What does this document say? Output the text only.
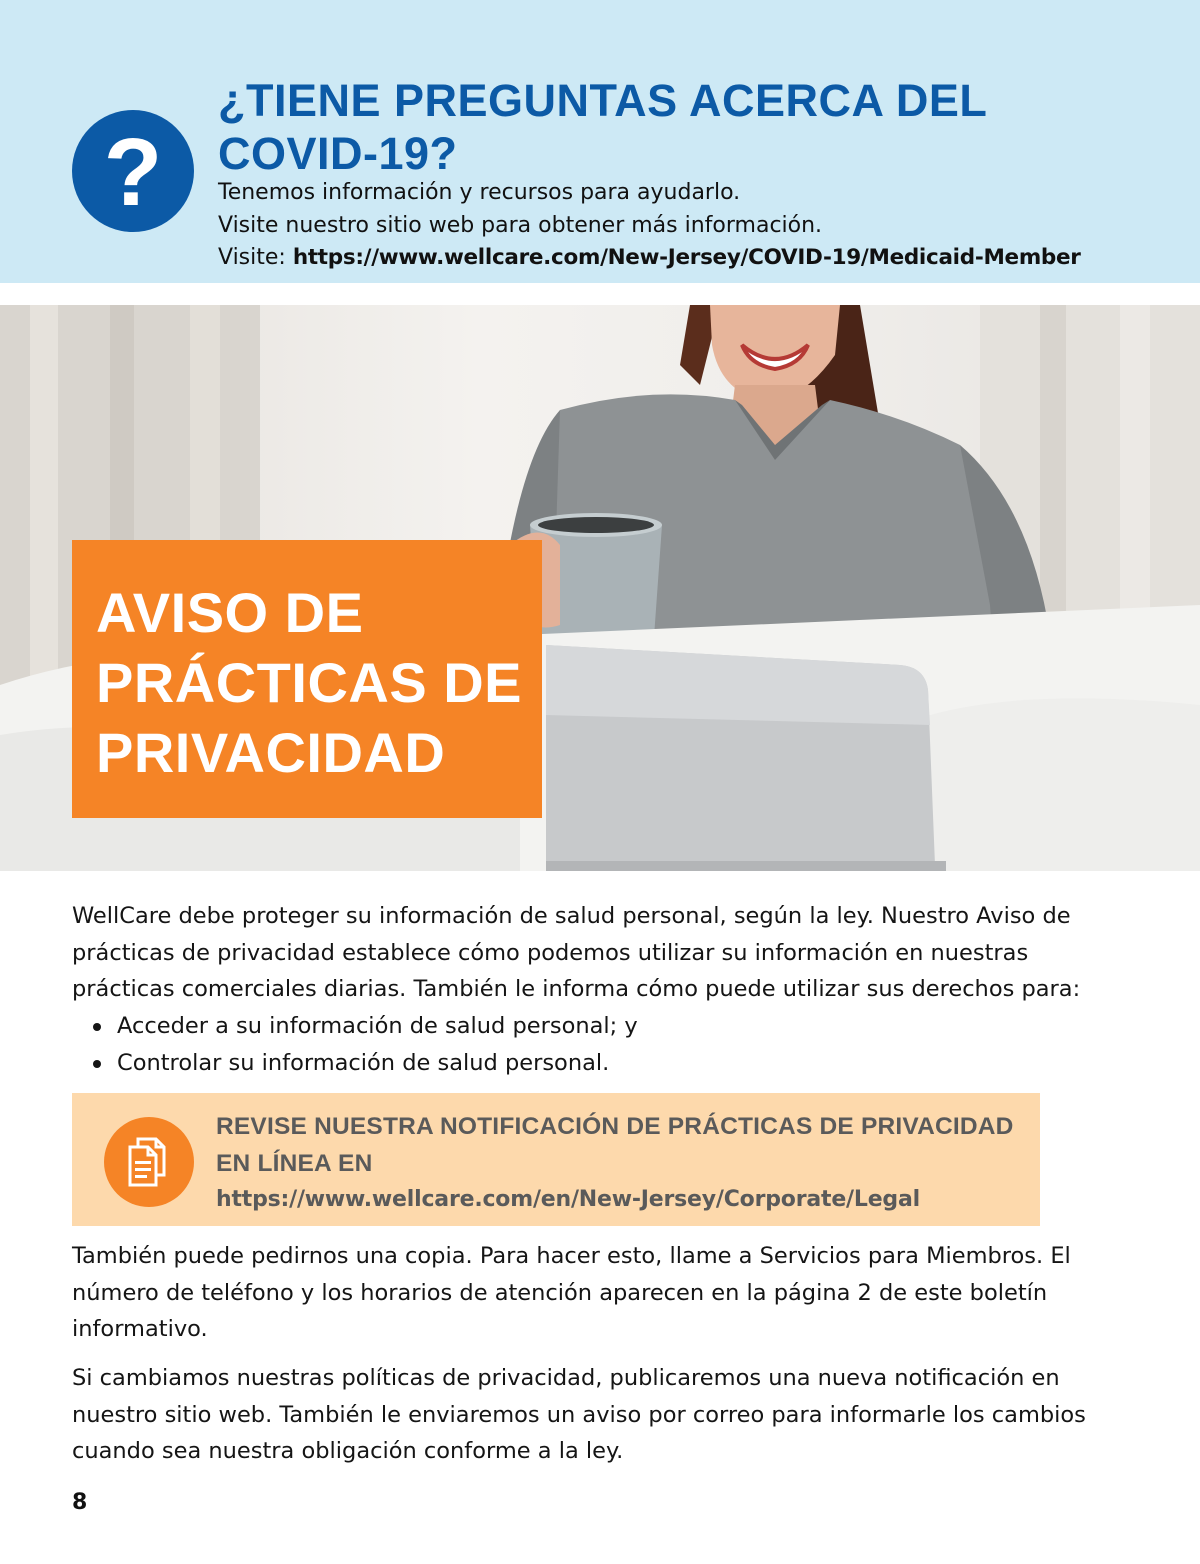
?
¿TIENE PREGUNTAS ACERCA DEL COVID-19?

Tenemos información y recursos para ayudarlo.

Visite nuestro sitio web para obtener más información.

Visite: https://www.wellcare.com/New-Jersey/COVID-19/Medicaid-Member

AVISO DE
PRÁCTICAS DE
PRIVACIDAD

WellCare debe proteger su información de salud personal, según la ley. Nuestro Aviso de prácticas de privacidad establece cómo podemos utilizar su información en nuestras prácticas comerciales diarias. También le informa cómo puede utilizar sus derechos para:

Acceder a su información de salud personal; y
Controlar su información de salud personal.

REVISE NUESTRA NOTIFICACIÓN DE PRÁCTICAS DE PRIVACIDAD EN LÍNEA EN

https://www.wellcare.com/en/New-Jersey/Corporate/Legal

También puede pedirnos una copia. Para hacer esto, llame a Servicios para Miembros. El número de teléfono y los horarios de atención aparecen en la página 2 de este boletín informativo.

Si cambiamos nuestras políticas de privacidad, publicaremos una nueva notificación en nuestro sitio web. También le enviaremos un aviso por correo para informarle los cambios cuando sea nuestra obligación conforme a la ley.

8
